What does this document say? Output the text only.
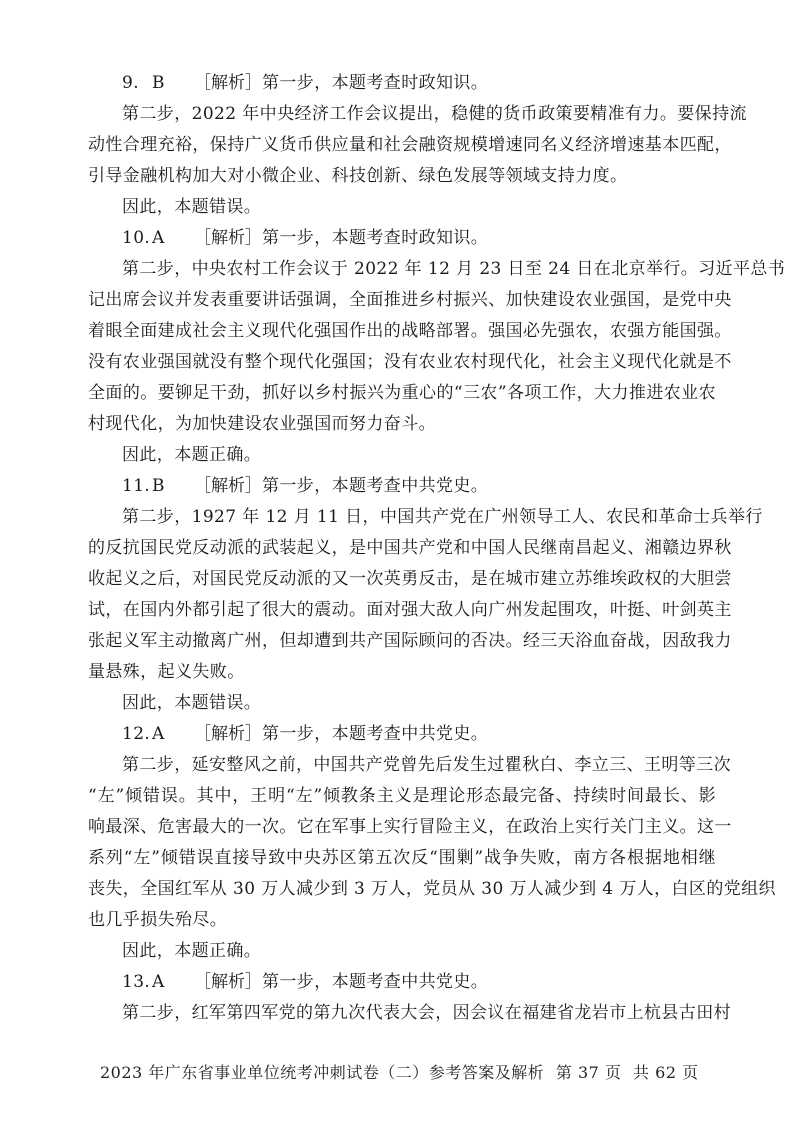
9. B ［解析］第一步，本题考查时政知识。
第二步，2022 年中央经济工作会议提出，稳健的货币政策要精准有力。要保持流
动性合理充裕，保持广义货币供应量和社会融资规模增速同名义经济增速基本匹配，
引导金融机构加大对小微企业、科技创新、绿色发展等领域支持力度。
因此，本题错误。
10. A ［解析］第一步，本题考查时政知识。
第二步，中央农村工作会议于 2022 年 12 月 23 日至 24 日在北京举行。习近平总书
记出席会议并发表重要讲话强调，全面推进乡村振兴、加快建设农业强国，是党中央
着眼全面建成社会主义现代化强国作出的战略部署。强国必先强农，农强方能国强。
没有农业强国就没有整个现代化强国；没有农业农村现代化，社会主义现代化就是不
全面的。要铆足干劲，抓好以乡村振兴为重心的“三农”各项工作，大力推进农业农
村现代化，为加快建设农业强国而努力奋斗。
因此，本题正确。
11. B ［解析］第一步，本题考查中共党史。
第二步，1927 年 12 月 11 日，中国共产党在广州领导工人、农民和革命士兵举行
的反抗国民党反动派的武装起义，是中国共产党和中国人民继南昌起义、湘赣边界秋
收起义之后，对国民党反动派的又一次英勇反击，是在城市建立苏维埃政权的大胆尝
试，在国内外都引起了很大的震动。面对强大敌人向广州发起围攻，叶挺、叶剑英主
张起义军主动撤离广州，但却遭到共产国际顾问的否决。经三天浴血奋战，因敌我力
量悬殊，起义失败。
因此，本题错误。
12. A ［解析］第一步，本题考查中共党史。
第二步，延安整风之前，中国共产党曾先后发生过瞿秋白、李立三、王明等三次
“左”倾错误。其中，王明“左”倾教条主义是理论形态最完备、持续时间最长、影
响最深、危害最大的一次。它在军事上实行冒险主义，在政治上实行关门主义。这一
系列“左”倾错误直接导致中央苏区第五次反“围剿”战争失败，南方各根据地相继
丧失，全国红军从 30 万人减少到 3 万人，党员从 30 万人减少到 4 万人，白区的党组织
也几乎损失殆尽。
因此，本题正确。
13. A ［解析］第一步，本题考查中共党史。
第二步，红军第四军党的第九次代表大会，因会议在福建省龙岩市上杭县古田村
2023 年广东省事业单位统考冲刺试卷（二）参考答案及解析 第 37 页 共 62 页
